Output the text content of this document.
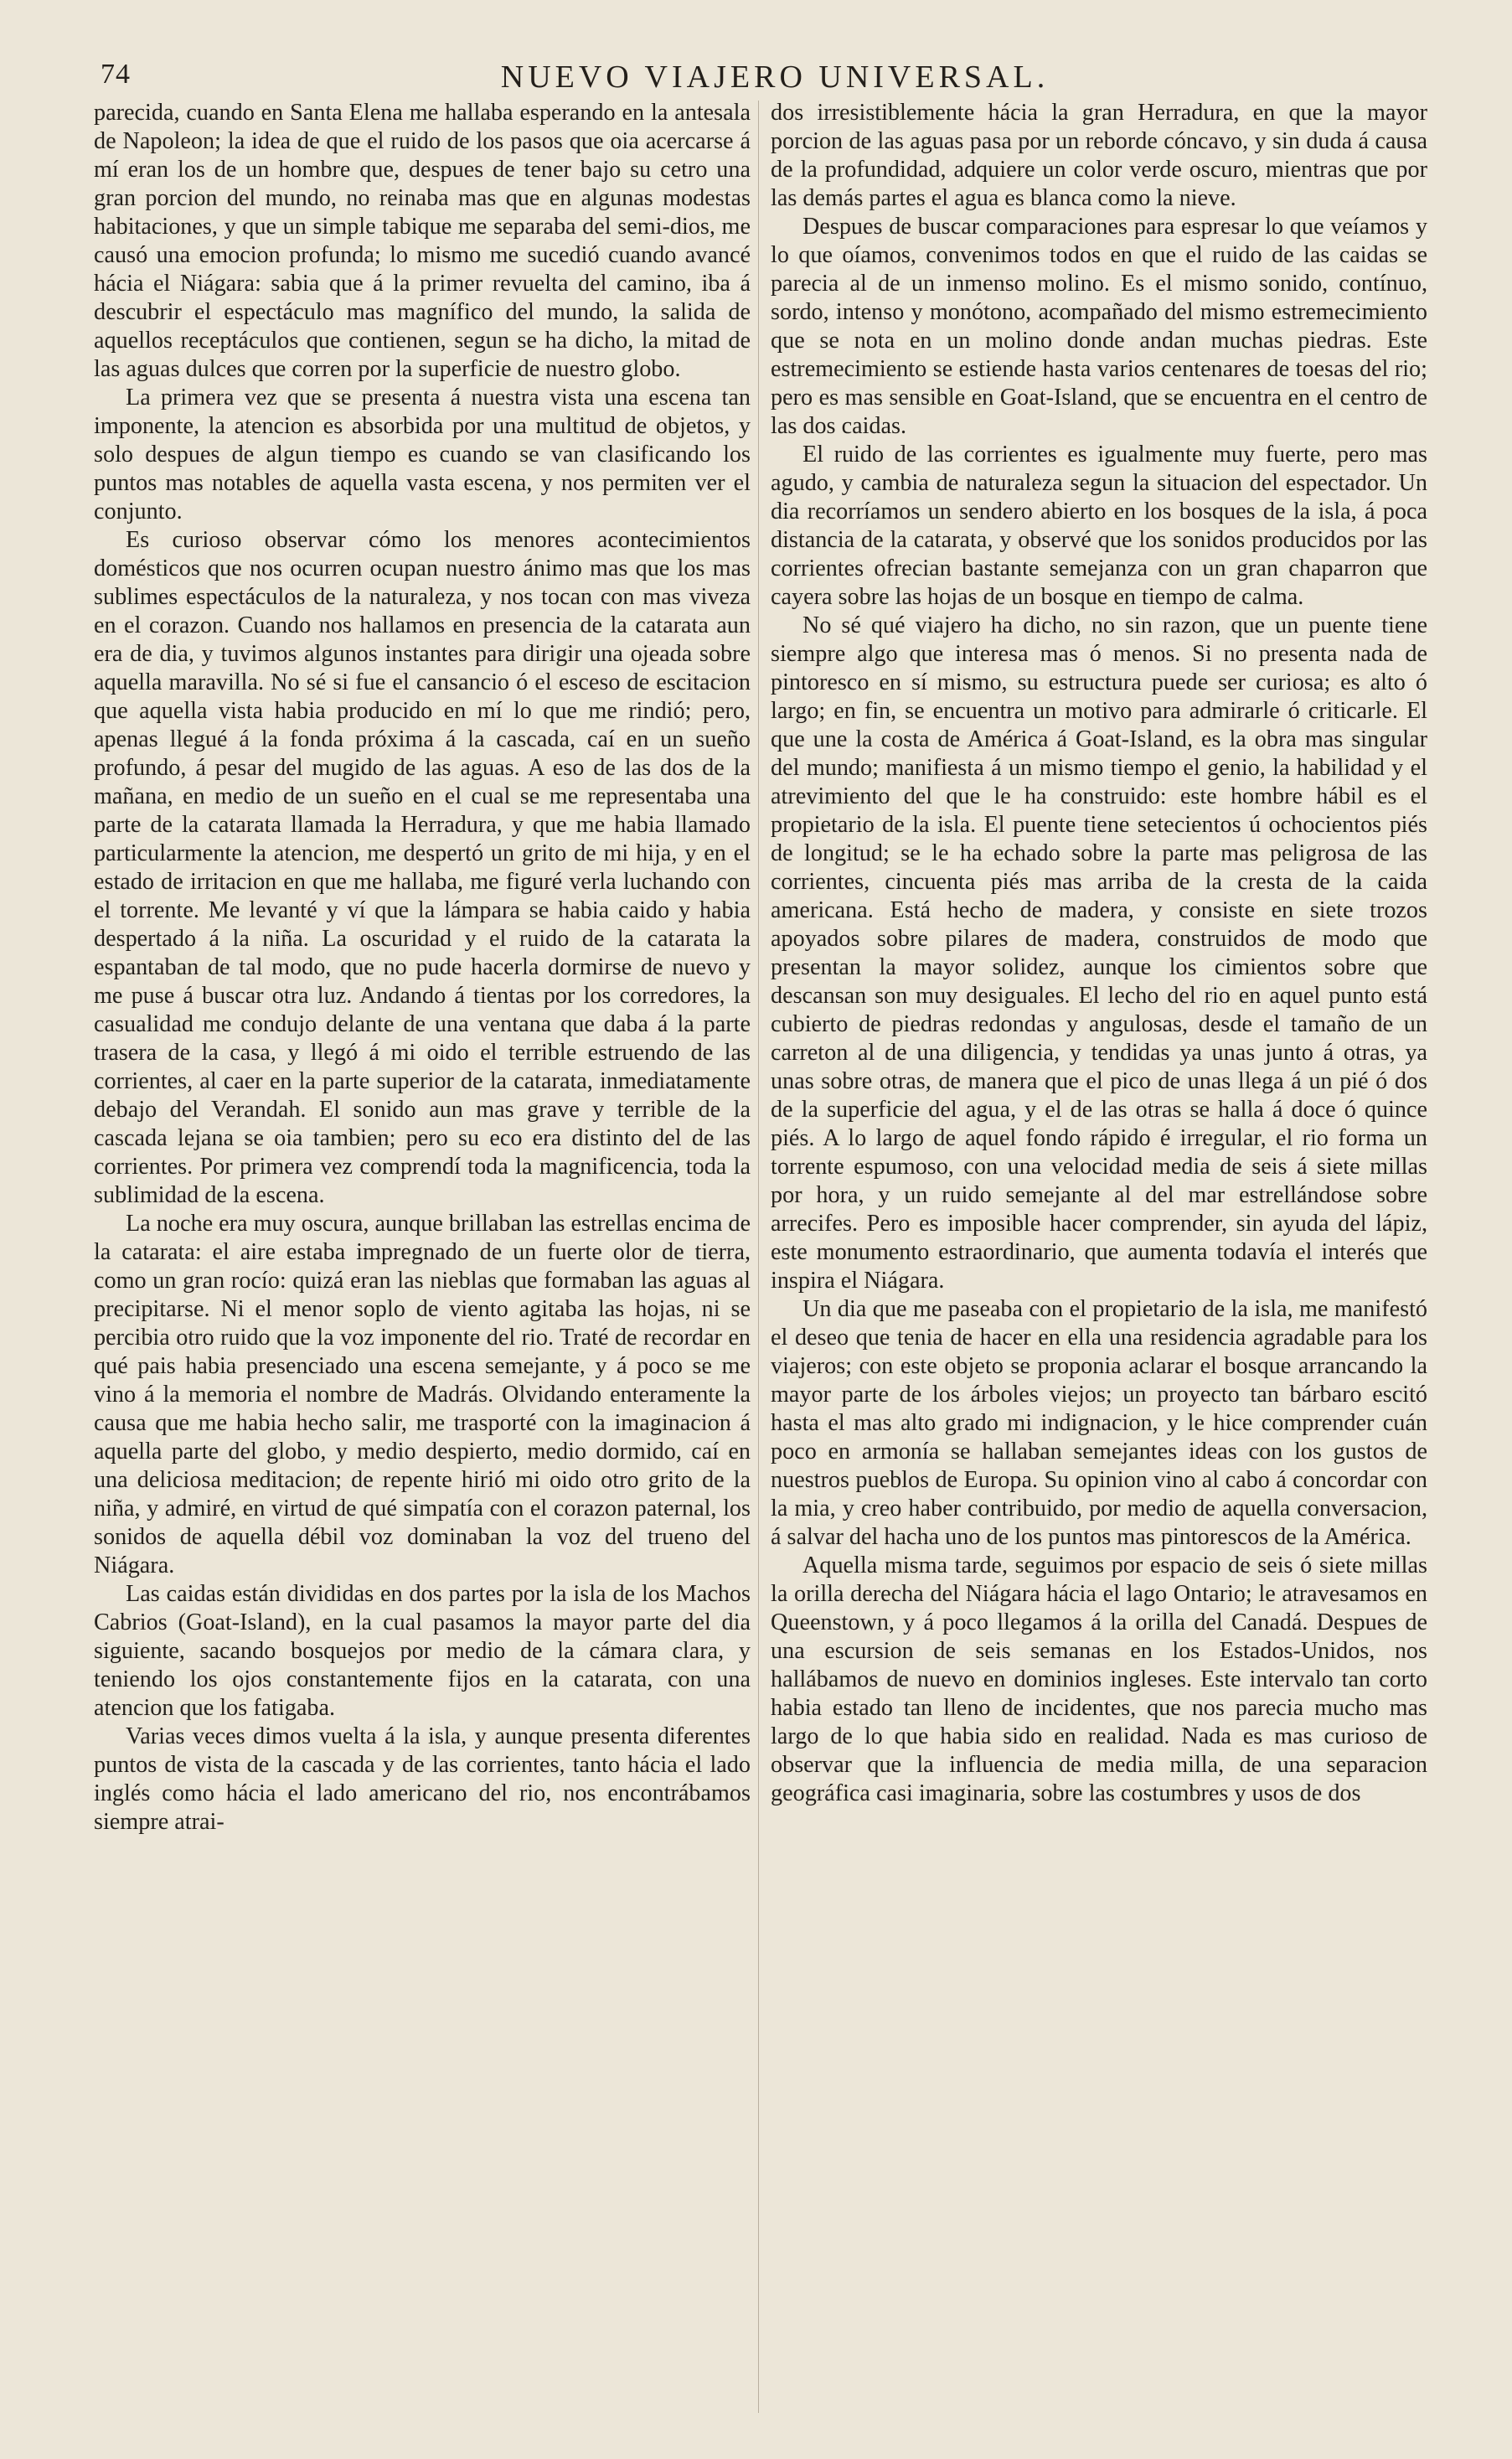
74	NUEVO VIAJERO UNIVERSAL.

parecida, cuando en Santa Elena me hallaba esperando en la antesala de Napoleon; la idea de que el ruido de los pasos que oia acercarse á mí eran los de un hombre que, despues de tener bajo su cetro una gran porcion del mundo, no reinaba mas que en algunas modestas habitaciones, y que un simple tabique me separaba del semi-dios, me causó una emocion profunda; lo mismo me sucedió cuando avancé hácia el Niágara: sabia que á la primer revuelta del camino, iba á descubrir el espectáculo mas magnífico del mundo, la salida de aquellos receptáculos que contienen, segun se ha dicho, la mitad de las aguas dulces que corren por la superficie de nuestro globo.

La primera vez que se presenta á nuestra vista una escena tan imponente, la atencion es absorbida por una multitud de objetos, y solo despues de algun tiempo es cuando se van clasificando los puntos mas notables de aquella vasta escena, y nos permiten ver el conjunto.

Es curioso observar cómo los menores acontecimientos domésticos que nos ocurren ocupan nuestro ánimo mas que los mas sublimes espectáculos de la naturaleza, y nos tocan con mas viveza en el corazon. Cuando nos hallamos en presencia de la catarata aun era de dia, y tuvimos algunos instantes para dirigir una ojeada sobre aquella maravilla. No sé si fue el cansancio ó el esceso de escitacion que aquella vista habia producido en mí lo que me rindió; pero, apenas llegué á la fonda próxima á la cascada, caí en un sueño profundo, á pesar del mugido de las aguas. A eso de las dos de la mañana, en medio de un sueño en el cual se me representaba una parte de la catarata llamada la Herradura, y que me habia llamado particularmente la atencion, me despertó un grito de mi hija, y en el estado de irritacion en que me hallaba, me figuré verla luchando con el torrente. Me levanté y ví que la lámpara se habia caido y habia despertado á la niña. La oscuridad y el ruido de la catarata la espantaban de tal modo, que no pude hacerla dormirse de nuevo y me puse á buscar otra luz. Andando á tientas por los corredores, la casualidad me condujo delante de una ventana que daba á la parte trasera de la casa, y llegó á mi oido el terrible estruendo de las corrientes, al caer en la parte superior de la catarata, inmediatamente debajo del Verandah. El sonido aun mas grave y terrible de la cascada lejana se oia tambien; pero su eco era distinto del de las corrientes. Por primera vez comprendí toda la magnificencia, toda la sublimidad de la escena.

La noche era muy oscura, aunque brillaban las estrellas encima de la catarata: el aire estaba impregnado de un fuerte olor de tierra, como un gran rocío: quizá eran las nieblas que formaban las aguas al precipitarse. Ni el menor soplo de viento agitaba las hojas, ni se percibia otro ruido que la voz imponente del rio. Traté de recordar en qué pais habia presenciado una escena semejante, y á poco se me vino á la memoria el nombre de Madrás. Olvidando enteramente la causa que me habia hecho salir, me trasporté con la imaginacion á aquella parte del globo, y medio despierto, medio dormido, caí en una deliciosa meditacion; de repente hirió mi oido otro grito de la niña, y admiré, en virtud de qué simpatía con el corazon paternal, los sonidos de aquella débil voz dominaban la voz del trueno del Niágara.

Las caidas están divididas en dos partes por la isla de los Machos Cabrios (Goat-Island), en la cual pasamos la mayor parte del dia siguiente, sacando bosquejos por medio de la cámara clara, y teniendo los ojos constantemente fijos en la catarata, con una atencion que los fatigaba.

Varias veces dimos vuelta á la isla, y aunque presenta diferentes puntos de vista de la cascada y de las corrientes, tanto hácia el lado inglés como hácia el lado americano del rio, nos encontrábamos siempre atrai-

dos irresistiblemente hácia la gran Herradura, en que la mayor porcion de las aguas pasa por un reborde cóncavo, y sin duda á causa de la profundidad, adquiere un color verde oscuro, mientras que por las demás partes el agua es blanca como la nieve.

Despues de buscar comparaciones para espresar lo que veíamos y lo que oíamos, convenimos todos en que el ruido de las caidas se parecia al de un inmenso molino. Es el mismo sonido, contínuo, sordo, intenso y monótono, acompañado del mismo estremecimiento que se nota en un molino donde andan muchas piedras. Este estremecimiento se estiende hasta varios centenares de toesas del rio; pero es mas sensible en Goat-Island, que se encuentra en el centro de las dos caidas.

El ruido de las corrientes es igualmente muy fuerte, pero mas agudo, y cambia de naturaleza segun la situacion del espectador. Un dia recorríamos un sendero abierto en los bosques de la isla, á poca distancia de la catarata, y observé que los sonidos producidos por las corrientes ofrecian bastante semejanza con un gran chaparron que cayera sobre las hojas de un bosque en tiempo de calma.

No sé qué viajero ha dicho, no sin razon, que un puente tiene siempre algo que interesa mas ó menos. Si no presenta nada de pintoresco en sí mismo, su estructura puede ser curiosa; es alto ó largo; en fin, se encuentra un motivo para admirarle ó criticarle. El que une la costa de América á Goat-Island, es la obra mas singular del mundo; manifiesta á un mismo tiempo el genio, la habilidad y el atrevimiento del que le ha construido: este hombre hábil es el propietario de la isla. El puente tiene setecientos ú ochocientos piés de longitud; se le ha echado sobre la parte mas peligrosa de las corrientes, cincuenta piés mas arriba de la cresta de la caida americana. Está hecho de madera, y consiste en siete trozos apoyados sobre pilares de madera, construidos de modo que presentan la mayor solidez, aunque los cimientos sobre que descansan son muy desiguales. El lecho del rio en aquel punto está cubierto de piedras redondas y angulosas, desde el tamaño de un carreton al de una diligencia, y tendidas ya unas junto á otras, ya unas sobre otras, de manera que el pico de unas llega á un pié ó dos de la superficie del agua, y el de las otras se halla á doce ó quince piés. A lo largo de aquel fondo rápido é irregular, el rio forma un torrente espumoso, con una velocidad media de seis á siete millas por hora, y un ruido semejante al del mar estrellándose sobre arrecifes. Pero es imposible hacer comprender, sin ayuda del lápiz, este monumento estraordinario, que aumenta todavía el interés que inspira el Niágara.

Un dia que me paseaba con el propietario de la isla, me manifestó el deseo que tenia de hacer en ella una residencia agradable para los viajeros; con este objeto se proponia aclarar el bosque arrancando la mayor parte de los árboles viejos; un proyecto tan bárbaro escitó hasta el mas alto grado mi indignacion, y le hice comprender cuán poco en armonía se hallaban semejantes ideas con los gustos de nuestros pueblos de Europa. Su opinion vino al cabo á concordar con la mia, y creo haber contribuido, por medio de aquella conversacion, á salvar del hacha uno de los puntos mas pintorescos de la América.

Aquella misma tarde, seguimos por espacio de seis ó siete millas la orilla derecha del Niágara hácia el lago Ontario; le atravesamos en Queenstown, y á poco llegamos á la orilla del Canadá. Despues de una escursion de seis semanas en los Estados-Unidos, nos hallábamos de nuevo en dominios ingleses. Este intervalo tan corto habia estado tan lleno de incidentes, que nos parecia mucho mas largo de lo que habia sido en realidad. Nada es mas curioso de observar que la influencia de media milla, de una separacion geográfica casi imaginaria, sobre las costumbres y usos de dos
